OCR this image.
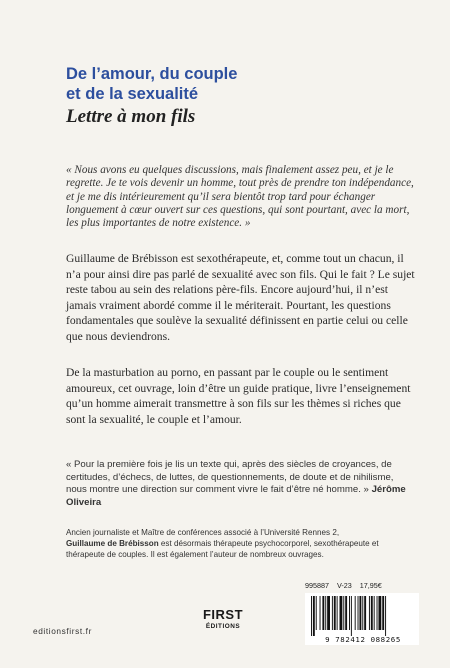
De l’amour, du couple
et de la sexualité
Lettre à mon fils

« Nous avons eu quelques discussions, mais finalement assez peu, et je le regrette. Je te vois devenir un homme, tout près de prendre ton indépendance, et je me dis intérieurement qu’il sera bientôt trop tard pour échanger longuement à cœur ouvert sur ces questions, qui sont pourtant, avec la mort, les plus importantes de notre existence. »

Guillaume de Brébisson est sexothérapeute, et, comme tout un chacun, il n’a pour ainsi dire pas parlé de sexualité avec son fils. Qui le fait ? Le sujet reste tabou au sein des relations père-fils. Encore aujourd’hui, il n’est jamais vraiment abordé comme il le mériterait. Pourtant, les questions fondamentales que soulève la sexualité définissent en partie celui ou celle que nous deviendrons.

De la masturbation au porno, en passant par le couple ou le sentiment amoureux, cet ouvrage, loin d’être un guide pratique, livre l’enseignement qu’un homme aimerait transmettre à son fils sur les thèmes si riches que sont la sexualité, le couple et l’amour.

« Pour la première fois je lis un texte qui, après des siècles de croyances, de certitudes, d’échecs, de luttes, de questionnements, de doute et de nihilisme, nous montre une direction sur comment vivre le fait d’être né homme. » Jérôme Oliveira

Ancien journaliste et Maître de conférences associé à l’Université Rennes 2,
Guillaume de Brébisson est désormais thérapeute psychocorporel, sexothérapeute et thérapeute de couples. Il est également l’auteur de nombreux ouvrages.

editionsfirst.fr
FIRST
ÉDITIONS
995887 V-23 17,95€
9 782412 088265
